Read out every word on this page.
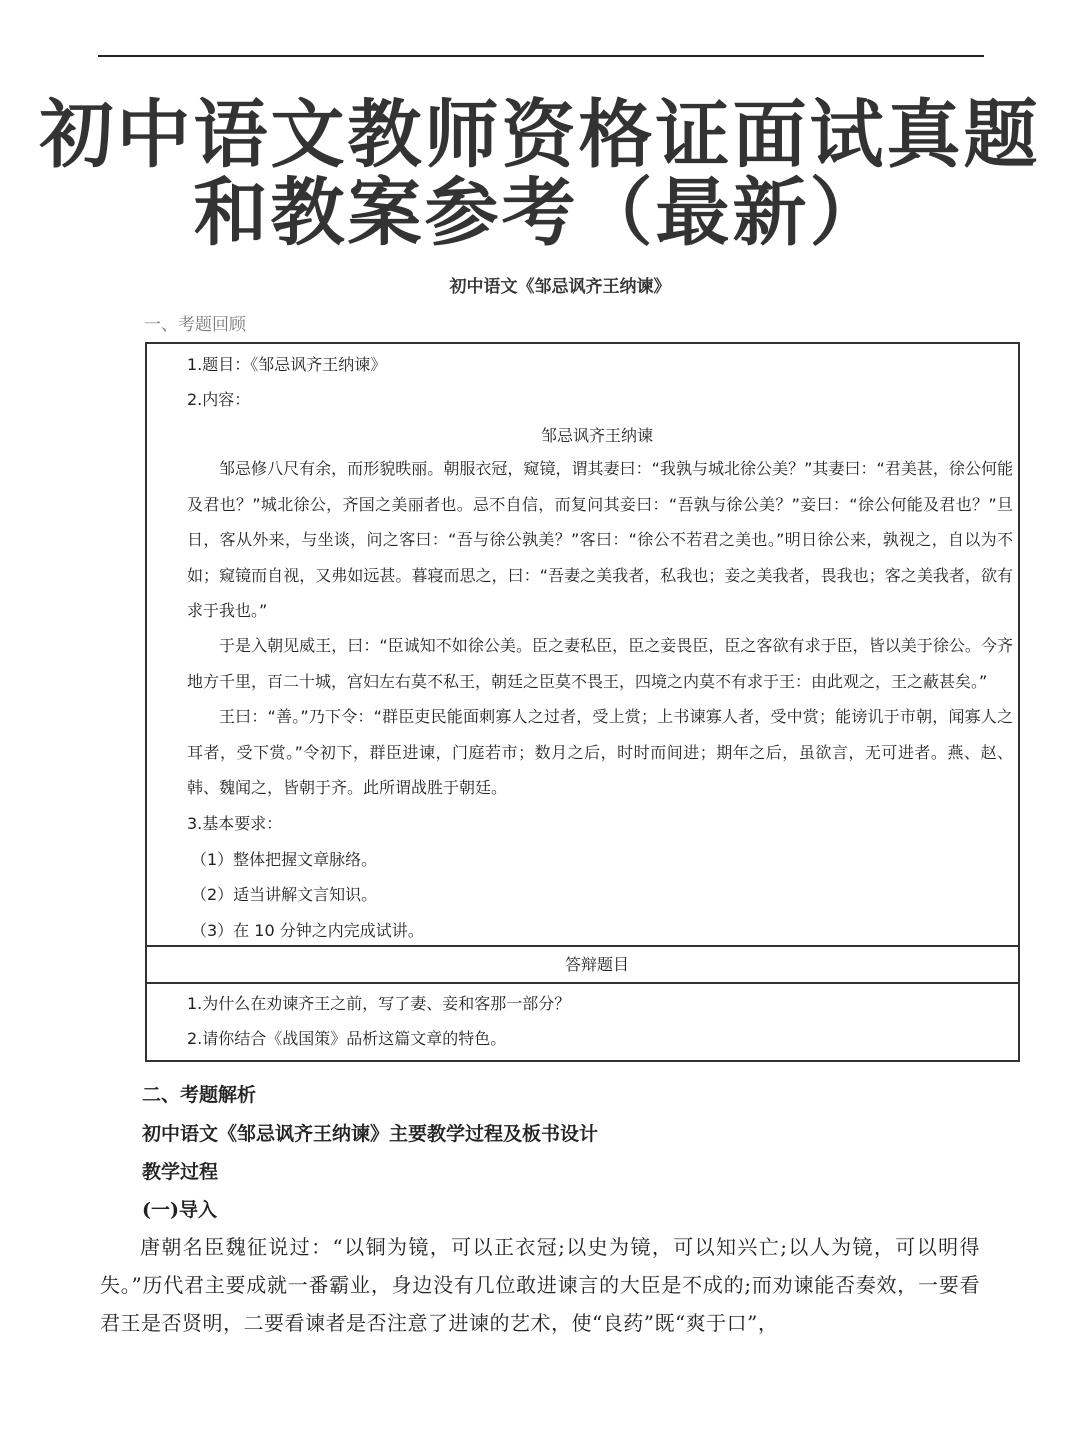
初中语文教师资格证面试真题
和教案参考（最新）
初中语文《邹忌讽齐王纳谏》
一、考题回顾
1.题目：《邹忌讽齐王纳谏》
2.内容：
邹忌讽齐王纳谏
邹忌修八尺有余，而形貌昳丽。朝服衣冠，窥镜，谓其妻曰：“我孰与城北徐公美？”其妻曰：“君美甚，徐公何能及君也？”城北徐公，齐国之美丽者也。忌不自信，而复问其妾曰：“吾孰与徐公美？”妾曰：“徐公何能及君也？”旦日，客从外来，与坐谈，问之客曰：“吾与徐公孰美？”客曰：“徐公不若君之美也。”明日徐公来，孰视之，自以为不如；窥镜而自视，又弗如远甚。暮寝而思之，曰：“吾妻之美我者，私我也；妾之美我者，畏我也；客之美我者，欲有求于我也。”
于是入朝见威王，曰：“臣诚知不如徐公美。臣之妻私臣，臣之妾畏臣，臣之客欲有求于臣，皆以美于徐公。今齐地方千里，百二十城，宫妇左右莫不私王，朝廷之臣莫不畏王，四境之内莫不有求于王：由此观之，王之蔽甚矣。”
王曰：“善。”乃下令：“群臣吏民能面刺寡人之过者，受上赏；上书谏寡人者，受中赏；能谤讥于市朝，闻寡人之耳者，受下赏。”令初下，群臣进谏，门庭若市；数月之后，时时而间进；期年之后，虽欲言，无可进者。燕、赵、韩、魏闻之，皆朝于齐。此所谓战胜于朝廷。
3.基本要求：
（1）整体把握文章脉络。
（2）适当讲解文言知识。
（3）在 10 分钟之内完成试讲。
答辩题目
1.为什么在劝谏齐王之前，写了妻、妾和客那一部分？
2.请你结合《战国策》品析这篇文章的特色。
二、考题解析
初中语文《邹忌讽齐王纳谏》主要教学过程及板书设计
教学过程
(一)导入
唐朝名臣魏征说过：“以铜为镜，可以正衣冠;以史为镜，可以知兴亡;以人为镜，可以明得失。”历代君主要成就一番霸业，身边没有几位敢进谏言的大臣是不成的;而劝谏能否奏效，一要看君王是否贤明，二要看谏者是否注意了进谏的艺术，使“良药”既“爽于口”，
